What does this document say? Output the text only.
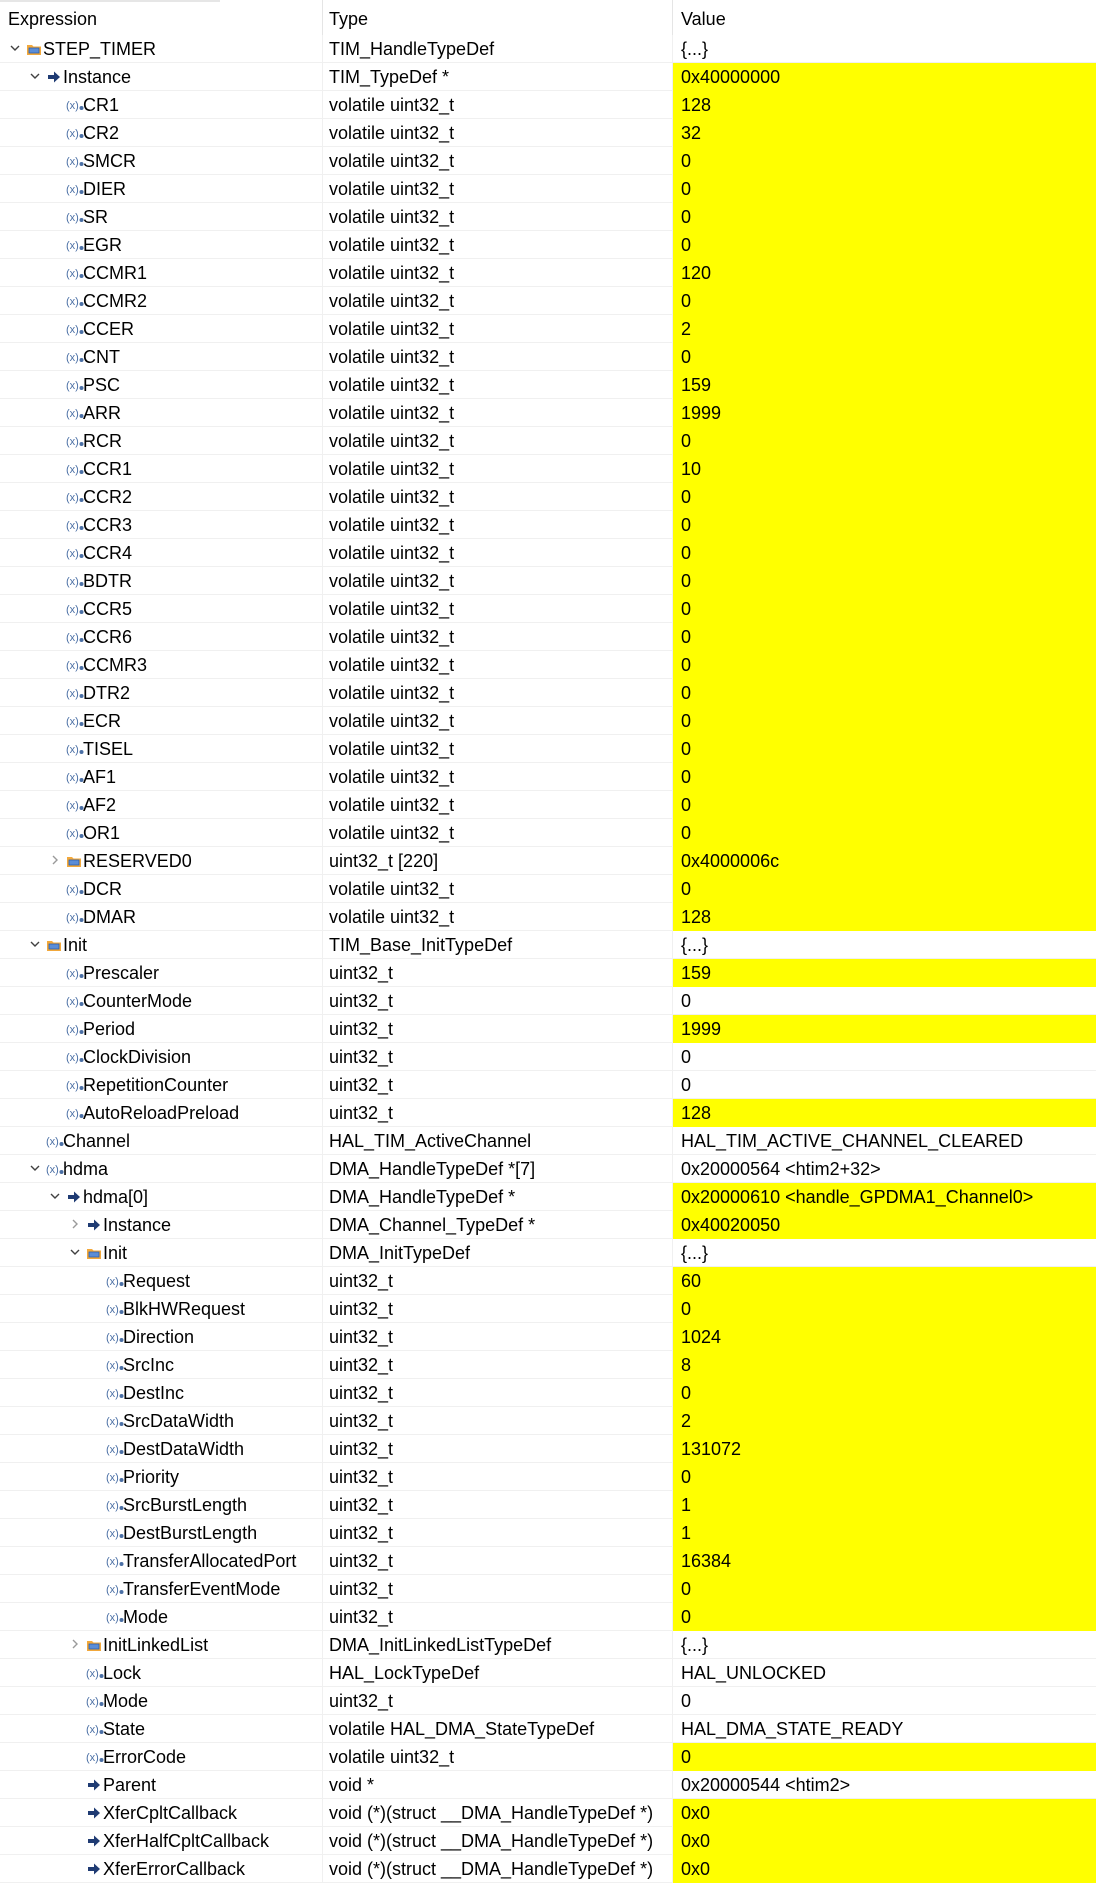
Expression	Type	Value
STEP_TIMER	TIM_HandleTypeDef	{...}
Instance	TIM_TypeDef *	0x40000000
(x) CR1	volatile uint32_t	128
(x) CR2	volatile uint32_t	32
(x) SMCR	volatile uint32_t	0
(x) DIER	volatile uint32_t	0
(x) SR	volatile uint32_t	0
(x) EGR	volatile uint32_t	0
(x) CCMR1	volatile uint32_t	120
(x) CCMR2	volatile uint32_t	0
(x) CCER	volatile uint32_t	2
(x) CNT	volatile uint32_t	0
(x) PSC	volatile uint32_t	159
(x) ARR	volatile uint32_t	1999
(x) RCR	volatile uint32_t	0
(x) CCR1	volatile uint32_t	10
(x) CCR2	volatile uint32_t	0
(x) CCR3	volatile uint32_t	0
(x) CCR4	volatile uint32_t	0
(x) BDTR	volatile uint32_t	0
(x) CCR5	volatile uint32_t	0
(x) CCR6	volatile uint32_t	0
(x) CCMR3	volatile uint32_t	0
(x) DTR2	volatile uint32_t	0
(x) ECR	volatile uint32_t	0
(x) TISEL	volatile uint32_t	0
(x) AF1	volatile uint32_t	0
(x) AF2	volatile uint32_t	0
(x) OR1	volatile uint32_t	0
RESERVED0	uint32_t [220]	0x4000006c
(x) DCR	volatile uint32_t	0
(x) DMAR	volatile uint32_t	128
Init	TIM_Base_InitTypeDef	{...}
(x) Prescaler	uint32_t	159
(x) CounterMode	uint32_t	0
(x) Period	uint32_t	1999
(x) ClockDivision	uint32_t	0
(x) RepetitionCounter	uint32_t	0
(x) AutoReloadPreload	uint32_t	128
(x) Channel	HAL_TIM_ActiveChannel	HAL_TIM_ACTIVE_CHANNEL_CLEARED
(x) hdma	DMA_HandleTypeDef *[7]	0x20000564 <htim2+32>
hdma[0]	DMA_HandleTypeDef *	0x20000610 <handle_GPDMA1_Channel0>
Instance	DMA_Channel_TypeDef *	0x40020050
Init	DMA_InitTypeDef	{...}
(x) Request	uint32_t	60
(x) BlkHWRequest	uint32_t	0
(x) Direction	uint32_t	1024
(x) SrcInc	uint32_t	8
(x) DestInc	uint32_t	0
(x) SrcDataWidth	uint32_t	2
(x) DestDataWidth	uint32_t	131072
(x) Priority	uint32_t	0
(x) SrcBurstLength	uint32_t	1
(x) DestBurstLength	uint32_t	1
(x) TransferAllocatedPort	uint32_t	16384
(x) TransferEventMode	uint32_t	0
(x) Mode	uint32_t	0
InitLinkedList	DMA_InitLinkedListTypeDef	{...}
(x) Lock	HAL_LockTypeDef	HAL_UNLOCKED
(x) Mode	uint32_t	0
(x) State	volatile HAL_DMA_StateTypeDef	HAL_DMA_STATE_READY
(x) ErrorCode	volatile uint32_t	0
Parent	void *	0x20000544 <htim2>
XferCpltCallback	void (*)(struct __DMA_HandleTypeDef *)	0x0
XferHalfCpltCallback	void (*)(struct __DMA_HandleTypeDef *)	0x0
XferErrorCallback	void (*)(struct __DMA_HandleTypeDef *)	0x0
